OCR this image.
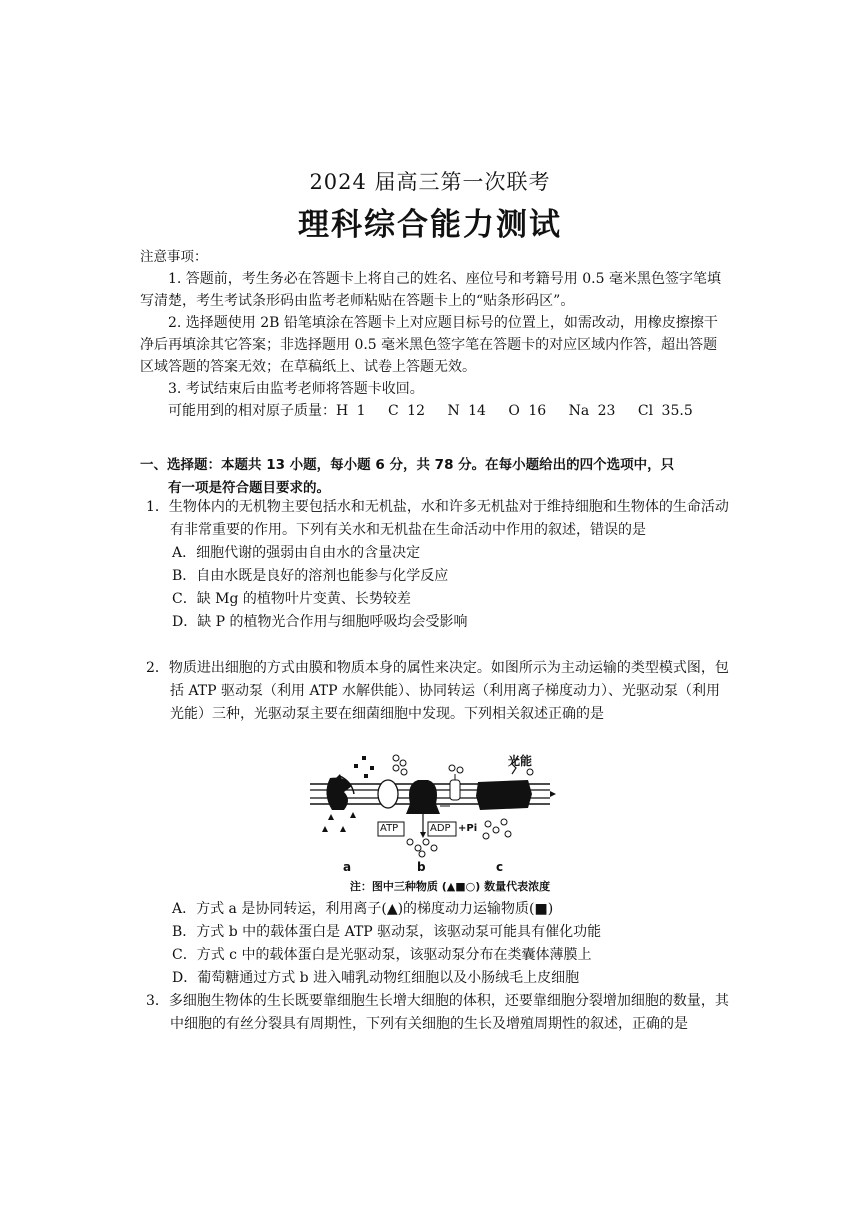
2024 届高三第一次联考
理科综合能力测试

注意事项：

1. 答题前，考生务必在答题卡上将自己的姓名、座位号和考籍号用 0.5 毫米黑色签字笔填写清楚，考生考试条形码由监考老师粘贴在答题卡上的“贴条形码区”。

2. 选择题使用 2B 铅笔填涂在答题卡上对应题目标号的位置上，如需改动，用橡皮擦擦干净后再填涂其它答案；非选择题用 0.5 毫米黑色签字笔在答题卡的对应区域内作答，超出答题区域答题的答案无效；在草稿纸上、试卷上答题无效。

3. 考试结束后由监考老师将答题卡收回。

可能用到的相对原子质量：H 1　 C 12　 N 14　 O 16　 Na 23　 Cl 35.5

一、选择题：本题共 13 小题，每小题 6 分，共 78 分。在每小题给出的四个选项中，只
有一项是符合题目要求的。

1．生物体内的无机物主要包括水和无机盐，水和许多无机盐对于维持细胞和生物体的生命活动有非常重要的作用。下列有关水和无机盐在生命活动中作用的叙述，错误的是

A．细胞代谢的强弱由自由水的含量决定

B．自由水既是良好的溶剂也能参与化学反应

C．缺 Mg 的植物叶片变黄、长势较差

D．缺 P 的植物光合作用与细胞呼吸均会受影响

2．物质进出细胞的方式由膜和物质本身的属性来决定。如图所示为主动运输的类型模式图，包括 ATP 驱动泵（利用 ATP 水解供能）、协同转运（利用离子梯度动力）、光驱动泵（利用光能）三种，光驱动泵主要在细菌细胞中发现。下列相关叙述正确的是

光能
ATP	ADP +Pi
a	b	c
注：图中三种物质 (▲■○) 数量代表浓度

A．方式 a 是协同转运，利用离子(▲)的梯度动力运输物质(■)

B．方式 b 中的载体蛋白是 ATP 驱动泵，该驱动泵可能具有催化功能

C．方式 c 中的载体蛋白是光驱动泵，该驱动泵分布在类囊体薄膜上

D．葡萄糖通过方式 b 进入哺乳动物红细胞以及小肠绒毛上皮细胞

3．多细胞生物体的生长既要靠细胞生长增大细胞的体积，还要靠细胞分裂增加细胞的数量，其中细胞的有丝分裂具有周期性，下列有关细胞的生长及增殖周期性的叙述，正确的是
